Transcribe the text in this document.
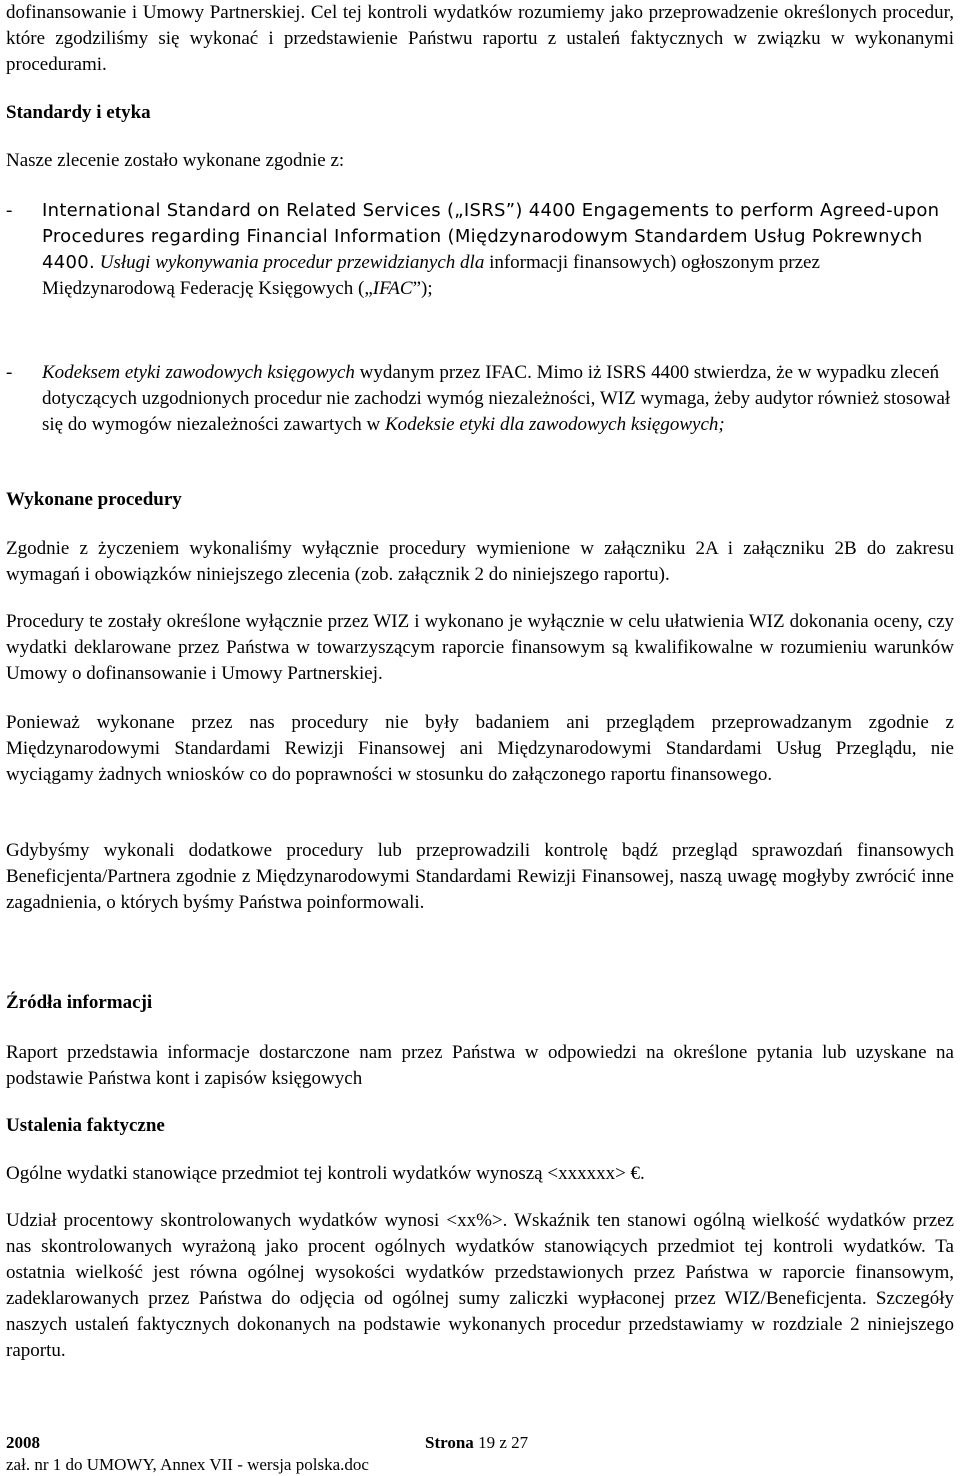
dofinansowanie i Umowy Partnerskiej. Cel tej kontroli wydatków rozumiemy jako przeprowadzenie określonych procedur, które zgodziliśmy się wykonać i przedstawienie Państwu raportu z ustaleń faktycznych w związku w wykonanymi procedurami.

Standardy i etyka

Nasze zlecenie zostało wykonane zgodnie z:

- International Standard on Related Services („ISRS”) 4400 Engagements to perform Agreed-upon Procedures regarding Financial Information (Międzynarodowym Standardem Usług Pokrewnych 4400. Usługi wykonywania procedur przewidzianych dla informacji finansowych) ogłoszonym przez Międzynarodową Federację Księgowych („IFAC”);
- Kodeksem etyki zawodowych księgowych wydanym przez IFAC. Mimo iż ISRS 4400 stwierdza, że w wypadku zleceń dotyczących uzgodnionych procedur nie zachodzi wymóg niezależności, WIZ wymaga, żeby audytor również stosował się do wymogów niezależności zawartych w Kodeksie etyki dla zawodowych księgowych;

Wykonane procedury

Zgodnie z życzeniem wykonaliśmy wyłącznie procedury wymienione w załączniku 2A i załączniku 2B do zakresu wymagań i obowiązków niniejszego zlecenia (zob. załącznik 2 do niniejszego raportu).

Procedury te zostały określone wyłącznie przez WIZ i wykonano je wyłącznie w celu ułatwienia WIZ dokonania oceny, czy wydatki deklarowane przez Państwa w towarzyszącym raporcie finansowym są kwalifikowalne w rozumieniu warunków Umowy o dofinansowanie i Umowy Partnerskiej.

Ponieważ wykonane przez nas procedury nie były badaniem ani przeglądem przeprowadzanym zgodnie z Międzynarodowymi Standardami Rewizji Finansowej ani Międzynarodowymi Standardami Usług Przeglądu, nie wyciągamy żadnych wniosków co do poprawności w stosunku do załączonego raportu finansowego.

Gdybyśmy wykonali dodatkowe procedury lub przeprowadzili kontrolę bądź przegląd sprawozdań finansowych Beneficjenta/Partnera zgodnie z Międzynarodowymi Standardami Rewizji Finansowej, naszą uwagę mogłyby zwrócić inne zagadnienia, o których byśmy Państwa poinformowali.

Źródła informacji

Raport przedstawia informacje dostarczone nam przez Państwa w odpowiedzi na określone pytania lub uzyskane na podstawie Państwa kont i zapisów księgowych

Ustalenia faktyczne

Ogólne wydatki stanowiące przedmiot tej kontroli wydatków wynoszą <xxxxxx> €.

Udział procentowy skontrolowanych wydatków wynosi <xx%>. Wskaźnik ten stanowi ogólną wielkość wydatków przez nas skontrolowanych wyrażoną jako procent ogólnych wydatków stanowiących przedmiot tej kontroli wydatków. Ta ostatnia wielkość jest równa ogólnej wysokości wydatków przedstawionych przez Państwa w raporcie finansowym, zadeklarowanych przez Państwa do odjęcia od ogólnej sumy zaliczki wypłaconej przez WIZ/Beneficjenta. Szczegóły naszych ustaleń faktycznych dokonanych na podstawie wykonanych procedur przedstawiamy w rozdziale 2 niniejszego raportu.

2008	Strona 19 z 27
zał. nr 1 do UMOWY, Annex VII - wersja polska.doc
